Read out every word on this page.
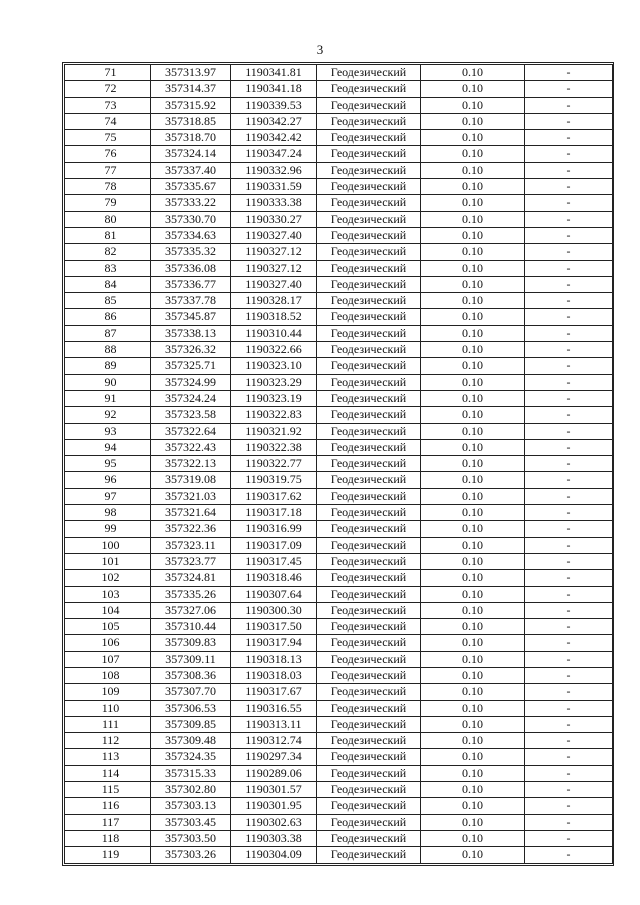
3
71	357313.97	1190341.81	Геодезический	0.10	-
72	357314.37	1190341.18	Геодезический	0.10	-
73	357315.92	1190339.53	Геодезический	0.10	-
74	357318.85	1190342.27	Геодезический	0.10	-
75	357318.70	1190342.42	Геодезический	0.10	-
76	357324.14	1190347.24	Геодезический	0.10	-
77	357337.40	1190332.96	Геодезический	0.10	-
78	357335.67	1190331.59	Геодезический	0.10	-
79	357333.22	1190333.38	Геодезический	0.10	-
80	357330.70	1190330.27	Геодезический	0.10	-
81	357334.63	1190327.40	Геодезический	0.10	-
82	357335.32	1190327.12	Геодезический	0.10	-
83	357336.08	1190327.12	Геодезический	0.10	-
84	357336.77	1190327.40	Геодезический	0.10	-
85	357337.78	1190328.17	Геодезический	0.10	-
86	357345.87	1190318.52	Геодезический	0.10	-
87	357338.13	1190310.44	Геодезический	0.10	-
88	357326.32	1190322.66	Геодезический	0.10	-
89	357325.71	1190323.10	Геодезический	0.10	-
90	357324.99	1190323.29	Геодезический	0.10	-
91	357324.24	1190323.19	Геодезический	0.10	-
92	357323.58	1190322.83	Геодезический	0.10	-
93	357322.64	1190321.92	Геодезический	0.10	-
94	357322.43	1190322.38	Геодезический	0.10	-
95	357322.13	1190322.77	Геодезический	0.10	-
96	357319.08	1190319.75	Геодезический	0.10	-
97	357321.03	1190317.62	Геодезический	0.10	-
98	357321.64	1190317.18	Геодезический	0.10	-
99	357322.36	1190316.99	Геодезический	0.10	-
100	357323.11	1190317.09	Геодезический	0.10	-
101	357323.77	1190317.45	Геодезический	0.10	-
102	357324.81	1190318.46	Геодезический	0.10	-
103	357335.26	1190307.64	Геодезический	0.10	-
104	357327.06	1190300.30	Геодезический	0.10	-
105	357310.44	1190317.50	Геодезический	0.10	-
106	357309.83	1190317.94	Геодезический	0.10	-
107	357309.11	1190318.13	Геодезический	0.10	-
108	357308.36	1190318.03	Геодезический	0.10	-
109	357307.70	1190317.67	Геодезический	0.10	-
110	357306.53	1190316.55	Геодезический	0.10	-
111	357309.85	1190313.11	Геодезический	0.10	-
112	357309.48	1190312.74	Геодезический	0.10	-
113	357324.35	1190297.34	Геодезический	0.10	-
114	357315.33	1190289.06	Геодезический	0.10	-
115	357302.80	1190301.57	Геодезический	0.10	-
116	357303.13	1190301.95	Геодезический	0.10	-
117	357303.45	1190302.63	Геодезический	0.10	-
118	357303.50	1190303.38	Геодезический	0.10	-
119	357303.26	1190304.09	Геодезический	0.10	-
